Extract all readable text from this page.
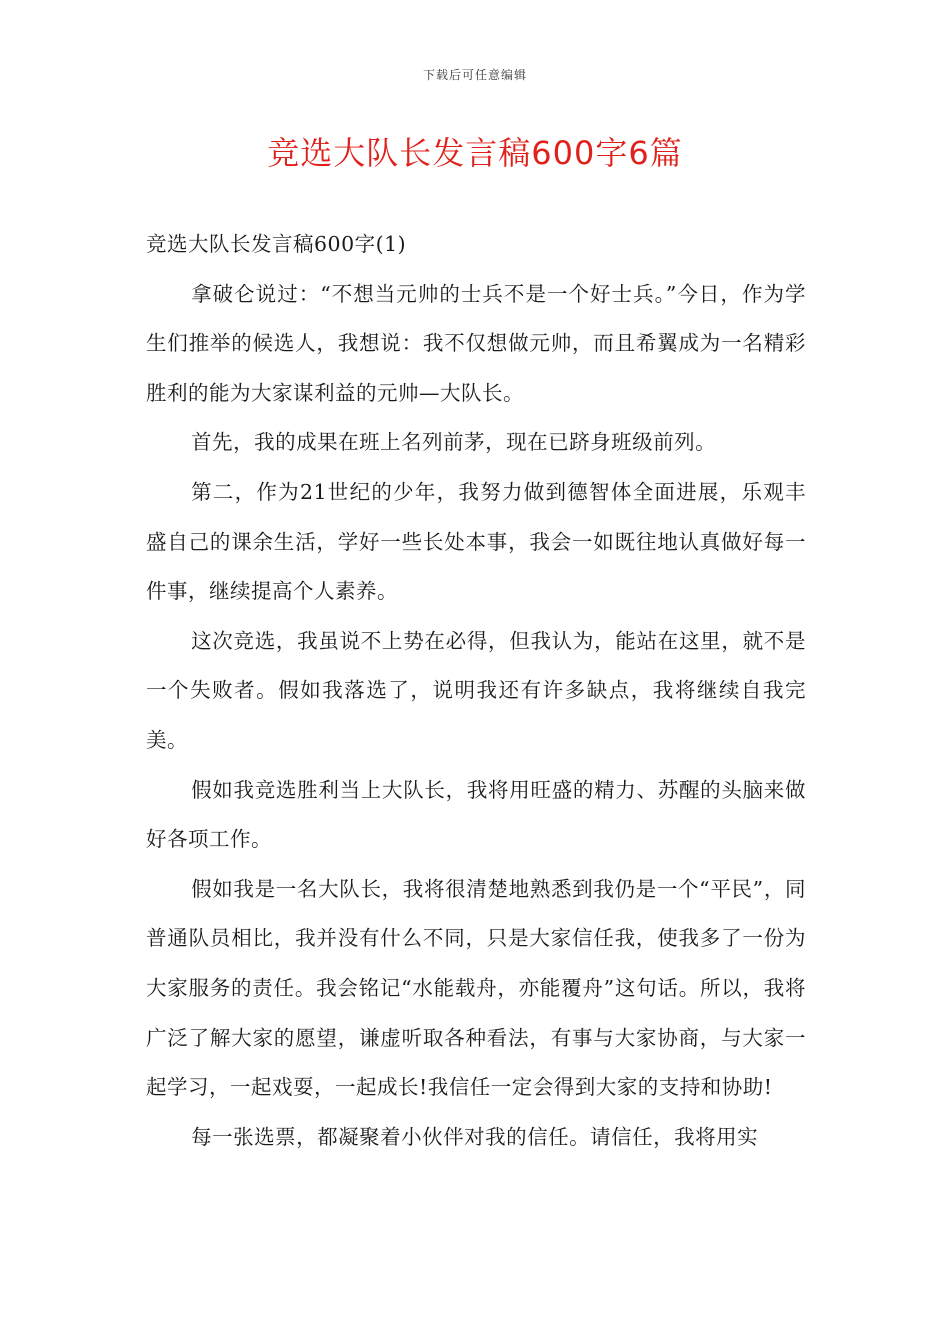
下载后可任意编辑
竞选大队长发言稿600字6篇
竞选大队长发言稿600字(1)

拿破仑说过：“不想当元帅的士兵不是一个好士兵。”今日，作为学生们推举的候选人，我想说：我不仅想做元帅，而且希翼成为一名精彩胜利的能为大家谋利益的元帅—大队长。

首先，我的成果在班上名列前茅，现在已跻身班级前列。

第二，作为21世纪的少年，我努力做到德智体全面进展，乐观丰盛自己的课余生活，学好一些长处本事，我会一如既往地认真做好每一件事，继续提高个人素养。

这次竞选，我虽说不上势在必得，但我认为，能站在这里，就不是一个失败者。假如我落选了，说明我还有许多缺点，我将继续自我完美。

假如我竞选胜利当上大队长，我将用旺盛的精力、苏醒的头脑来做好各项工作。

假如我是一名大队长，我将很清楚地熟悉到我仍是一个“平民”，同普通队员相比，我并没有什么不同，只是大家信任我，使我多了一份为大家服务的责任。我会铭记“水能载舟，亦能覆舟”这句话。所以，我将广泛了解大家的愿望，谦虚听取各种看法，有事与大家协商，与大家一起学习，一起戏耍，一起成长!我信任一定会得到大家的支持和协助!

每一张选票，都凝聚着小伙伴对我的信任。请信任，我将用实
